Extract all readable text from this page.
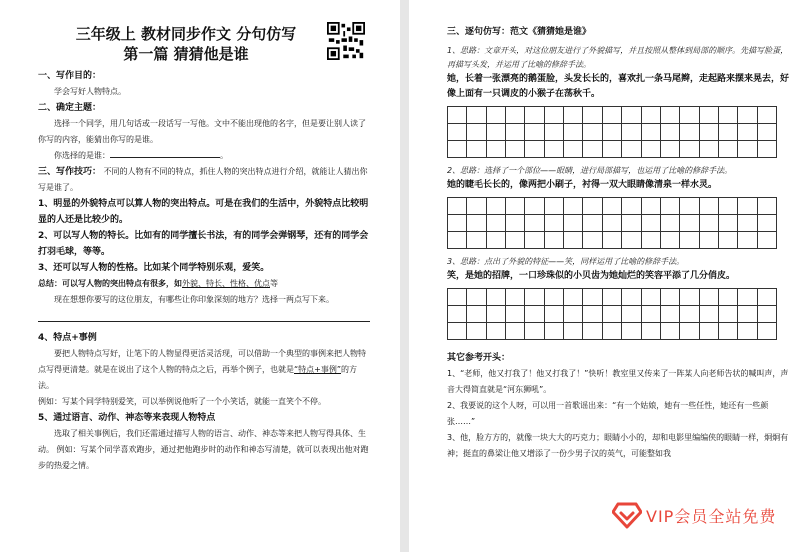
三年级上 教材同步作文 分句仿写
第一篇 猜猜他是谁
一、写作目的：
学会写好人物特点。
二、确定主题：
选择一个同学，用几句话或一段话写一写他。文中不能出现他的名字，但是要让别人读了你写的内容，能猜出你写的是谁。
你选择的是谁：	。
三、写作技巧： 不同的人物有不同的特点，抓住人物的突出特点进行介绍，就能让人猜出你写是谁了。
1、明显的外貌特点可以算人物的突出特点。可是在我们的生活中，外貌特点比较明显的人还是比较少的。
2、可以写人物的特长。比如有的同学擅长书法，有的同学会弹钢琴，还有的同学会打羽毛球，等等。
3、还可以写人物的性格。比如某个同学特别乐观，爱笑。
总结：可以写人物的突出特点有很多，如外貌、特长、性格、优点等
现在想想你要写的这位朋友，有哪些让你印象深刻的地方？选择一两点写下来。
4、特点+事例
要把人物特点写好，让笔下的人物显得更活灵活现，可以借助一个典型的事例来把人物特点写得更清楚。就是在说出了这个人物的特点之后，再举个例子，也就是“特点+事例”的方法。
例如：写某个同学特别爱笑，可以举例说他听了一个小笑话，就能一直笑个不停。
5、通过语言、动作、神态等来表现人物特点
选取了相关事例后，我们还需通过描写人物的语言、动作、神态等来把人物写得具体、生动。 例如：写某个同学喜欢跑步，通过把他跑步时的动作和神态写清楚，就可以表现出他对跑步的热爱之情。
三、逐句仿写：范文《猜猜她是谁》
1、思路：文章开头，对这位朋友进行了外貌描写，并且按照从整体到局部的顺序。先描写脸蛋，再描写头发，并运用了比喻的修辞手法。
她，长着一张漂亮的鹅蛋脸，头发长长的，喜欢扎一条马尾辫，走起路来摆来晃去，好像上面有一只调皮的小猴子在荡秋千。
2、思路：选择了一个部位——眼睛，进行局部描写，也运用了比喻的修辞手法。
她的睫毛长长的，像两把小刷子，衬得一双大眼睛像清泉一样水灵。
3、思路：点出了外貌的特征——笑，同样运用了比喻的修辞手法。
笑，是她的招牌，一口珍珠似的小贝齿为她灿烂的笑容平添了几分俏皮。
其它参考开头：
1、“老师，他又打我了！他又打我了！”快听！教室里又传来了一阵某人向老师告状的喊叫声，声音大得简直就是“河东狮吼”。
2、我要说的这个人呀，可以用一首歌谣出来：“有一个姑娘，她有一些任性，她还有一些颜张……”
3、他，脸方方的，就像一块大大的巧克力；眼睛小小的，却和电影里编编侠的眼睛一样，炯炯有神；挺直的鼻梁让他又增添了一份少男子汉的英气，可能整如我
VIP会员全站免费
